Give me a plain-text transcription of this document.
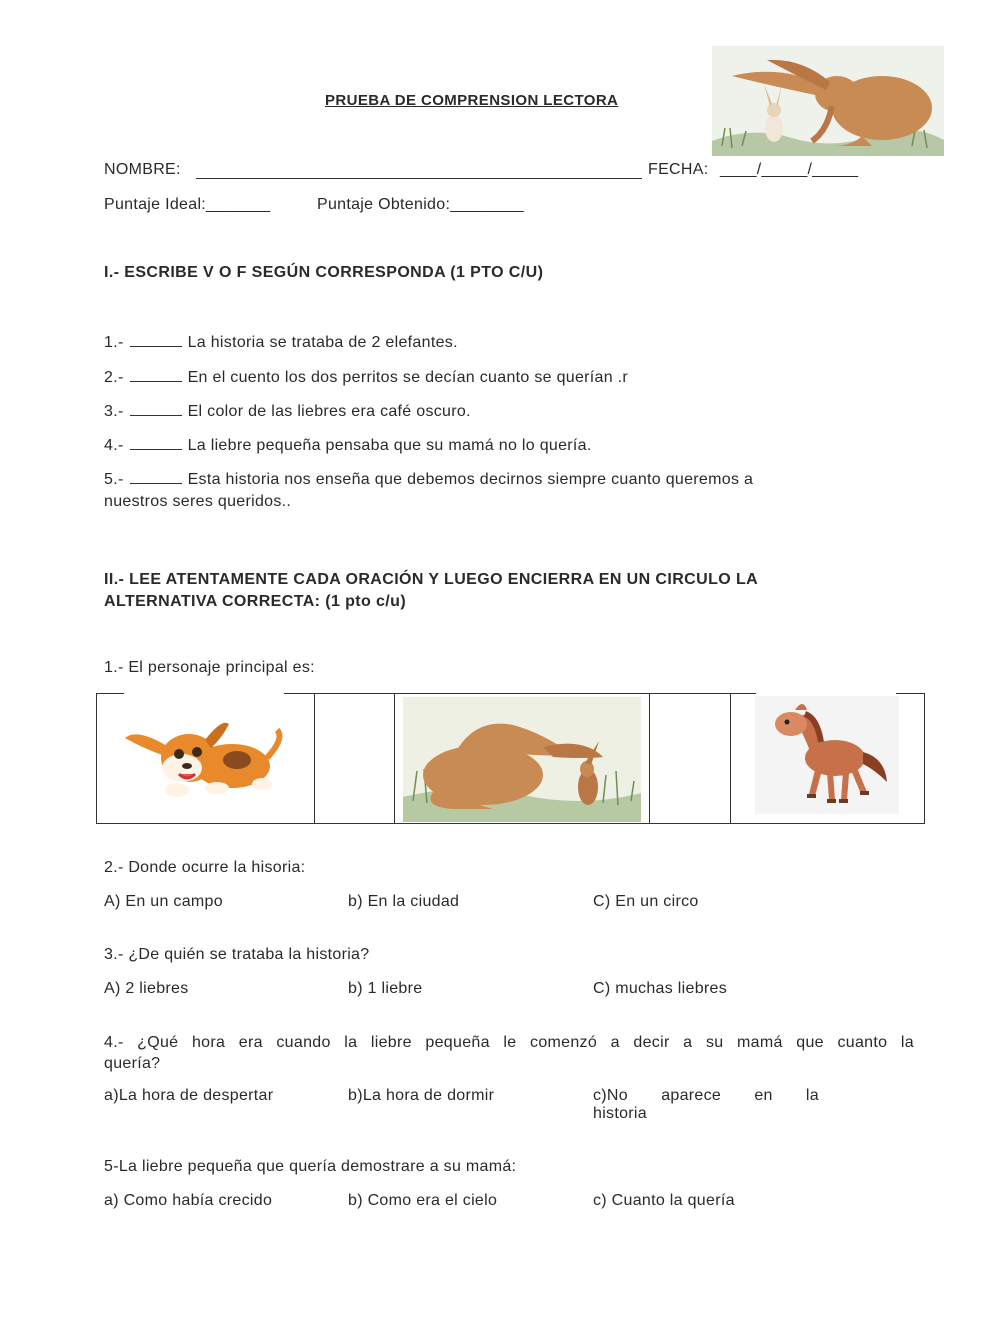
PRUEBA DE COMPRENSION LECTORA
NOMBRE:	FECHA: ____/_____/_____
Puntaje Ideal:_______	Puntaje Obtenido:________
I.- ESCRIBE V O F SEGÚN CORRESPONDA (1 PTO C/U)
1.-	La historia se trataba de 2 elefantes.
2.-	En el cuento los dos perritos se decían cuanto se querían .r
3.-	El color de las liebres era café oscuro.
4.-	La liebre pequeña pensaba que su mamá no lo quería.
5.-	Esta historia nos enseña que debemos decirnos siempre cuanto queremos a
nuestros seres queridos..
II.- LEE ATENTAMENTE CADA ORACIÓN Y LUEGO ENCIERRA EN UN CIRCULO LA
ALTERNATIVA CORRECTA: (1 pto c/u)
1.- El personaje principal es:
2.- Donde ocurre la hisoria:
A) En un campo	b) En la ciudad	C) En un circo
3.- ¿De quién se trataba la historia?
A) 2 liebres	b) 1 liebre	C) muchas liebres
4.- ¿Qué hora era cuando la liebre pequeña le comenzó a decir a su mamá que cuanto la
quería?
a)La hora de despertar	b)La hora de dormir	c)No aparece en la
historia
5-La liebre pequeña que quería demostrare a su mamá:
a) Como había crecido	b) Como era el cielo	c) Cuanto la quería
